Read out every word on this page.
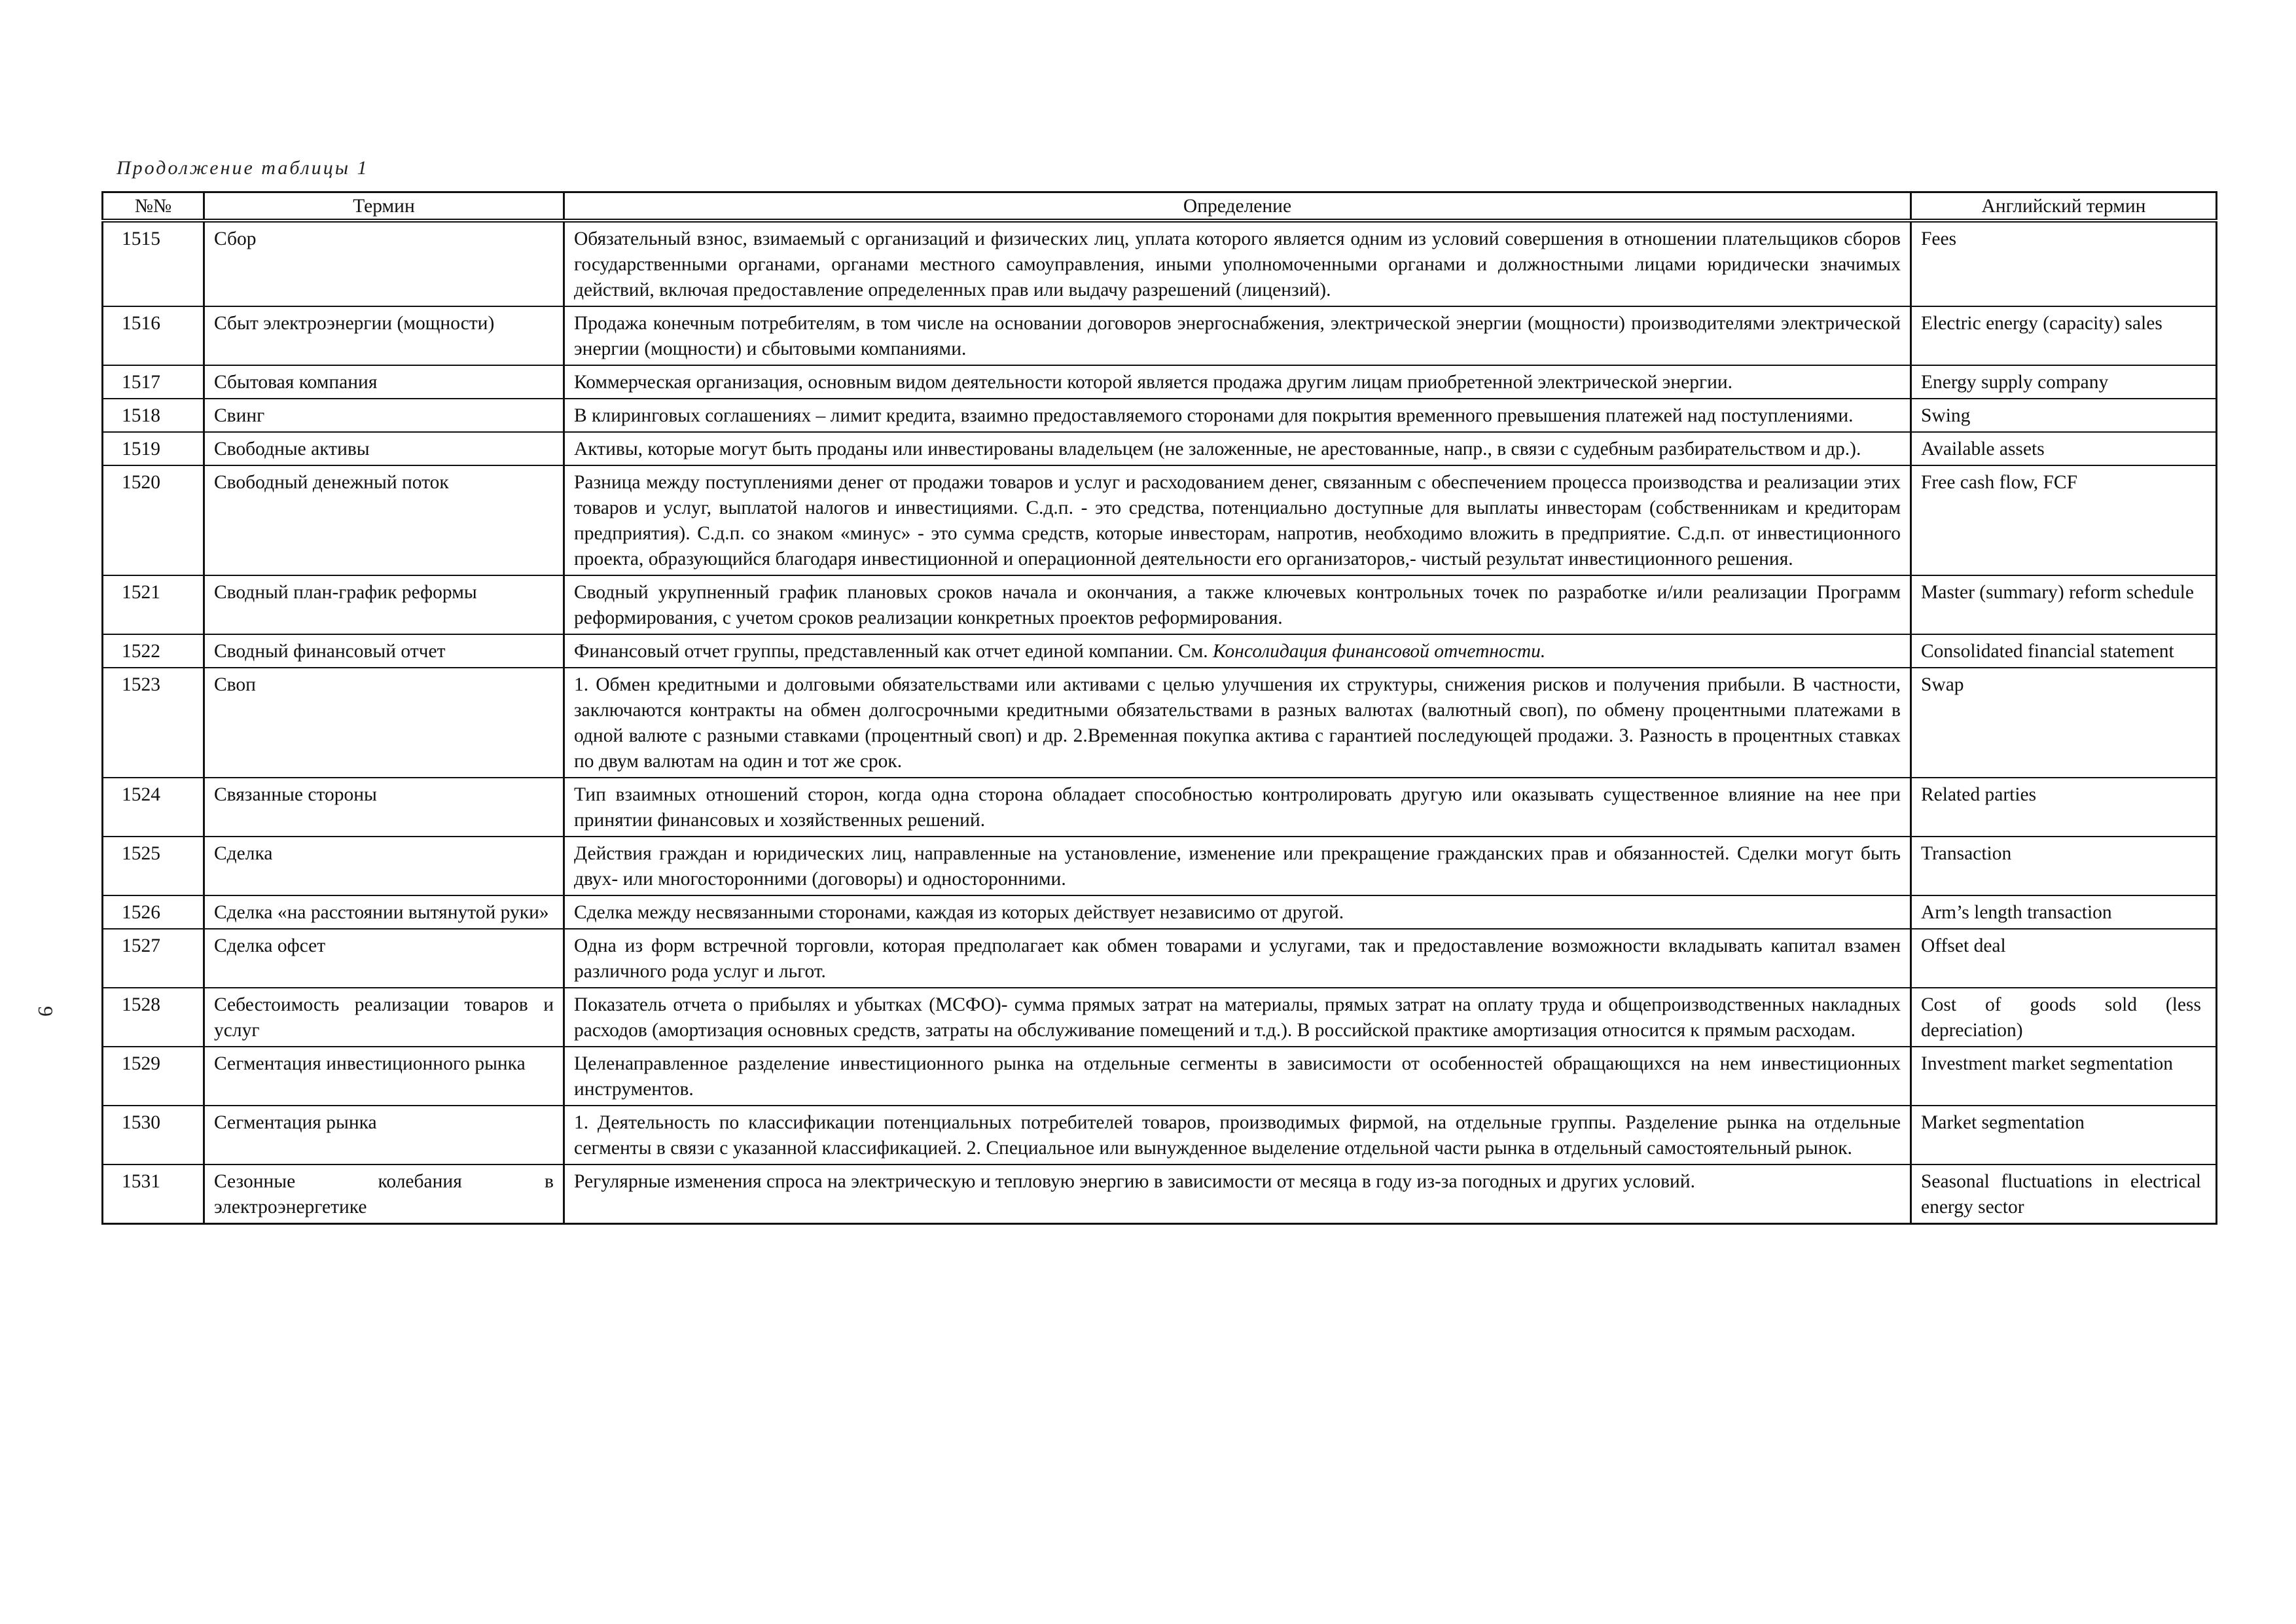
Продолжение таблицы 1
9
№№	Термин	Определение	Английский термин
1515	Сбор	Обязательный взнос, взимаемый с организаций и физических лиц, уплата которого является одним из условий совершения в отношении плательщиков сборов государственными органами, органами местного самоуправления, иными уполномоченными органами и должностными лицами юридически значимых действий, включая предоставление определенных прав или выдачу разрешений (лицензий).	Fees
1516	Сбыт электроэнергии (мощности)	Продажа конечным потребителям, в том числе на основании договоров энергоснабжения, электрической энергии (мощности) производителями электрической энергии (мощности) и сбытовыми компаниями.	Electric energy (capacity) sales
1517	Сбытовая компания	Коммерческая организация, основным видом деятельности которой является продажа другим лицам приобретенной электрической энергии.	Energy supply company
1518	Свинг	В клиринговых соглашениях – лимит кредита, взаимно предоставляемого сторонами для покрытия временного превышения платежей над поступлениями.	Swing
1519	Свободные активы	Активы, которые могут быть проданы или инвестированы владельцем (не заложенные, не арестованные, напр., в связи с судебным разбирательством и др.).	Available assets
1520	Свободный денежный поток	Разница между поступлениями денег от продажи товаров и услуг и расходованием денег, связанным с обеспечением процесса производства и реализации этих товаров и услуг, выплатой налогов и инвестициями. С.д.п. - это средства, потенциально доступные для выплаты инвесторам (собственникам и кредиторам предприятия). С.д.п. со знаком «минус» - это сумма средств, которые инвесторам, напротив, необходимо вложить в предприятие. С.д.п. от инвестиционного проекта, образующийся благодаря инвестиционной и операционной деятельности его организаторов,- чистый результат инвестиционного решения.	Free cash flow, FCF
1521	Сводный план-график реформы	Сводный укрупненный график плановых сроков начала и окончания, а также ключевых контрольных точек по разработке и/или реализации Программ реформирования, с учетом сроков реализации конкретных проектов реформирования.	Master (summary) reform schedule
1522	Сводный финансовый отчет	Финансовый отчет группы, представленный как отчет единой компании. См. Консолидация финансовой отчетности.	Consolidated financial statement
1523	Своп	1. Обмен кредитными и долговыми обязательствами или активами с целью улучшения их структуры, снижения рисков и получения прибыли. В частности, заключаются контракты на обмен долгосрочными кредитными обязательствами в разных валютах (валютный своп), по обмену процентными платежами в одной валюте с разными ставками (процентный своп) и др. 2.Временная покупка актива с гарантией последующей продажи. 3. Разность в процентных ставках по двум валютам на один и тот же срок.	Swap
1524	Связанные стороны	Тип взаимных отношений сторон, когда одна сторона обладает способностью контролировать другую или оказывать существенное влияние на нее при принятии финансовых и хозяйственных решений.	Related parties
1525	Сделка	Действия граждан и юридических лиц, направленные на установление, изменение или прекращение гражданских прав и обязанностей. Сделки могут быть двух- или многосторонними (договоры) и односторонними.	Transaction
1526	Сделка «на расстоянии вытянутой руки»	Сделка между несвязанными сторонами, каждая из которых действует независимо от другой.	Arm’s length transaction
1527	Сделка офсет	Одна из форм встречной торговли, которая предполагает как обмен товарами и услугами, так и предоставление возможности вкладывать капитал взамен различного рода услуг и льгот.	Offset deal
1528	Себестоимость реализации товаров и услуг	Показатель отчета о прибылях и убытках (МСФО)- сумма прямых затрат на материалы, прямых затрат на оплату труда и общепроизводственных накладных расходов (амортизация основных средств, затраты на обслуживание помещений и т.д.). В российской практике амортизация относится к прямым расходам.	Cost of goods sold (less depreciation)
1529	Сегментация инвестиционного рынка	Целенаправленное разделение инвестиционного рынка на отдельные сегменты в зависимости от особенностей обращающихся на нем инвестиционных инструментов.	Investment market segmentation
1530	Сегментация рынка	1. Деятельность по классификации потенциальных потребителей товаров, производимых фирмой, на отдельные группы. Разделение рынка на отдельные сегменты в связи с указанной классификацией. 2. Специальное или вынужденное выделение отдельной части рынка в отдельный самостоятельный рынок.	Market segmentation
1531	Сезонные колебания в электроэнергетике	Регулярные изменения спроса на электрическую и тепловую энергию в зависимости от месяца в году из-за погодных и других условий.	Seasonal fluctuations in electrical energy sector
